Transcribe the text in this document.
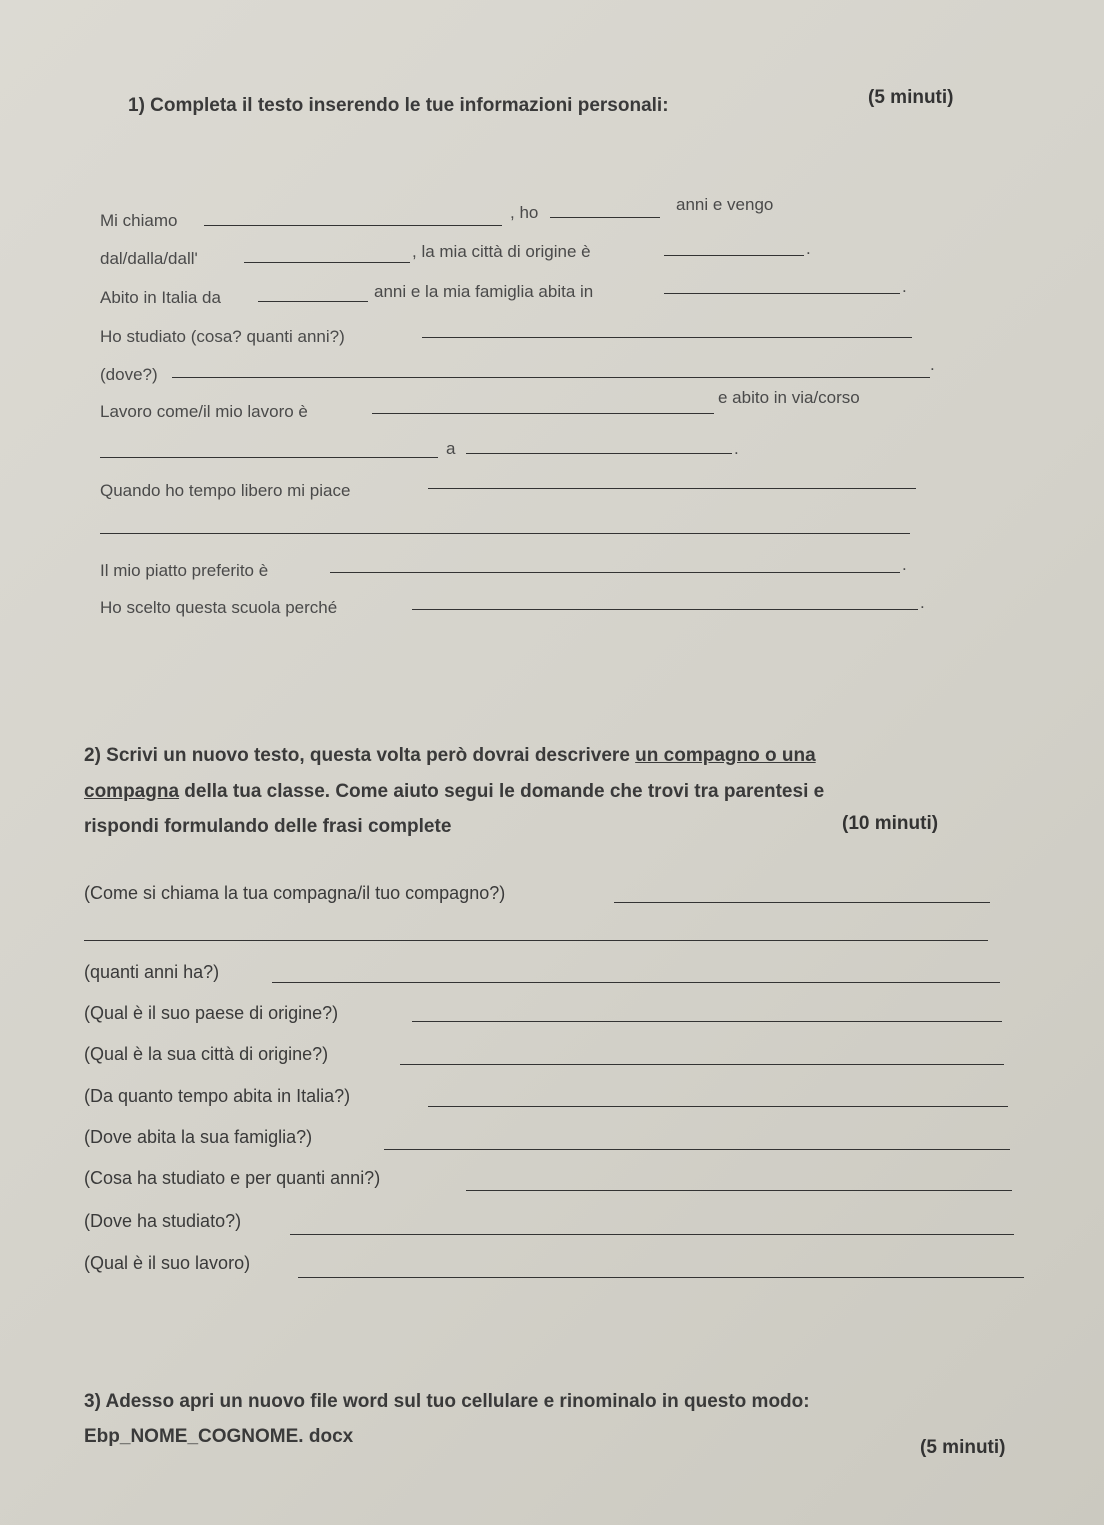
1) Completa il testo inserendo le tue informazioni personali:	(5 minuti)
Mi chiamo	, ho	anni e vengo
dal/dalla/dall'	, la mia città di origine è	.
Abito in Italia da	anni e la mia famiglia abita in	.
Ho studiato (cosa? quanti anni?)
(dove?)
.
Lavoro come/il mio lavoro è
e abito in via/corso
a	.
Quando ho tempo libero mi piace
Il mio piatto preferito è	.
Ho scelto questa scuola perché	.
2) Scrivi un nuovo testo, questa volta però dovrai descrivere un compagno o una
compagna della tua classe. Come aiuto segui le domande che trovi tra parentesi e
rispondi formulando delle frasi complete	(10 minuti)
(Come si chiama la tua compagna/il tuo compagno?)
(quanti anni ha?)
(Qual è il suo paese di origine?)
(Qual è la sua città di origine?)
(Da quanto tempo abita in Italia?)
(Dove abita la sua famiglia?)
(Cosa ha studiato e per quanti anni?)
(Dove ha studiato?)
(Qual è il suo lavoro)
3) Adesso apri un nuovo file word sul tuo cellulare e rinominalo in questo modo:
Ebp_NOME_COGNOME. docx
(5 minuti)
